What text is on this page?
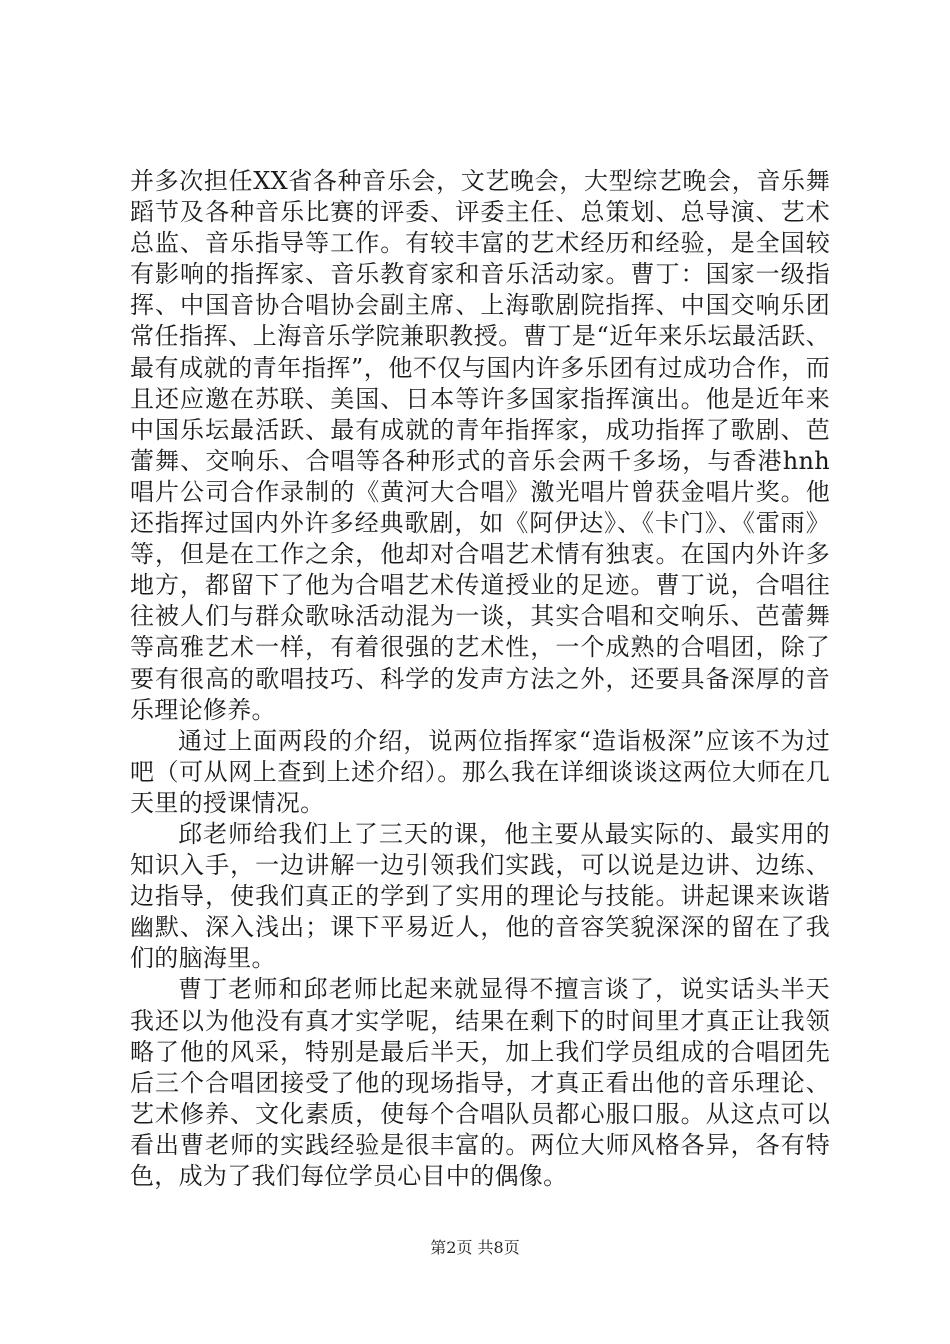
并多次担任XX省各种音乐会，文艺晚会，大型综艺晚会，音乐舞蹈节及各种音乐比赛的评委、评委主任、总策划、总导演、艺术总监、音乐指导等工作。有较丰富的艺术经历和经验，是全国较有影响的指挥家、音乐教育家和音乐活动家。曹丁：国家一级指挥、中国音协合唱协会副主席、上海歌剧院指挥、中国交响乐团常任指挥、上海音乐学院兼职教授。曹丁是“近年来乐坛最活跃、最有成就的青年指挥”，他不仅与国内许多乐团有过成功合作，而且还应邀在苏联、美国、日本等许多国家指挥演出。他是近年来中国乐坛最活跃、最有成就的青年指挥家，成功指挥了歌剧、芭蕾舞、交响乐、合唱等各种形式的音乐会两千多场，与香港hnh唱片公司合作录制的《黄河大合唱》激光唱片曾获金唱片奖。他还指挥过国内外许多经典歌剧，如《阿伊达》、《卡门》、《雷雨》等，但是在工作之余，他却对合唱艺术情有独衷。在国内外许多地方，都留下了他为合唱艺术传道授业的足迹。曹丁说，合唱往往被人们与群众歌咏活动混为一谈，其实合唱和交响乐、芭蕾舞等高雅艺术一样，有着很强的艺术性，一个成熟的合唱团，除了要有很高的歌唱技巧、科学的发声方法之外，还要具备深厚的音乐理论修养。

通过上面两段的介绍，说两位指挥家“造诣极深”应该不为过吧（可从网上查到上述介绍）。那么我在详细谈谈这两位大师在几天里的授课情况。

邱老师给我们上了三天的课，他主要从最实际的、最实用的知识入手，一边讲解一边引领我们实践，可以说是边讲、边练、边指导，使我们真正的学到了实用的理论与技能。讲起课来诙谐幽默、深入浅出；课下平易近人，他的音容笑貌深深的留在了我们的脑海里。

曹丁老师和邱老师比起来就显得不擅言谈了，说实话头半天我还以为他没有真才实学呢，结果在剩下的时间里才真正让我领略了他的风采，特别是最后半天，加上我们学员组成的合唱团先后三个合唱团接受了他的现场指导，才真正看出他的音乐理论、艺术修养、文化素质，使每个合唱队员都心服口服。从这点可以看出曹老师的实践经验是很丰富的。两位大师风格各异，各有特色，成为了我们每位学员心目中的偶像。

第2页 共8页
